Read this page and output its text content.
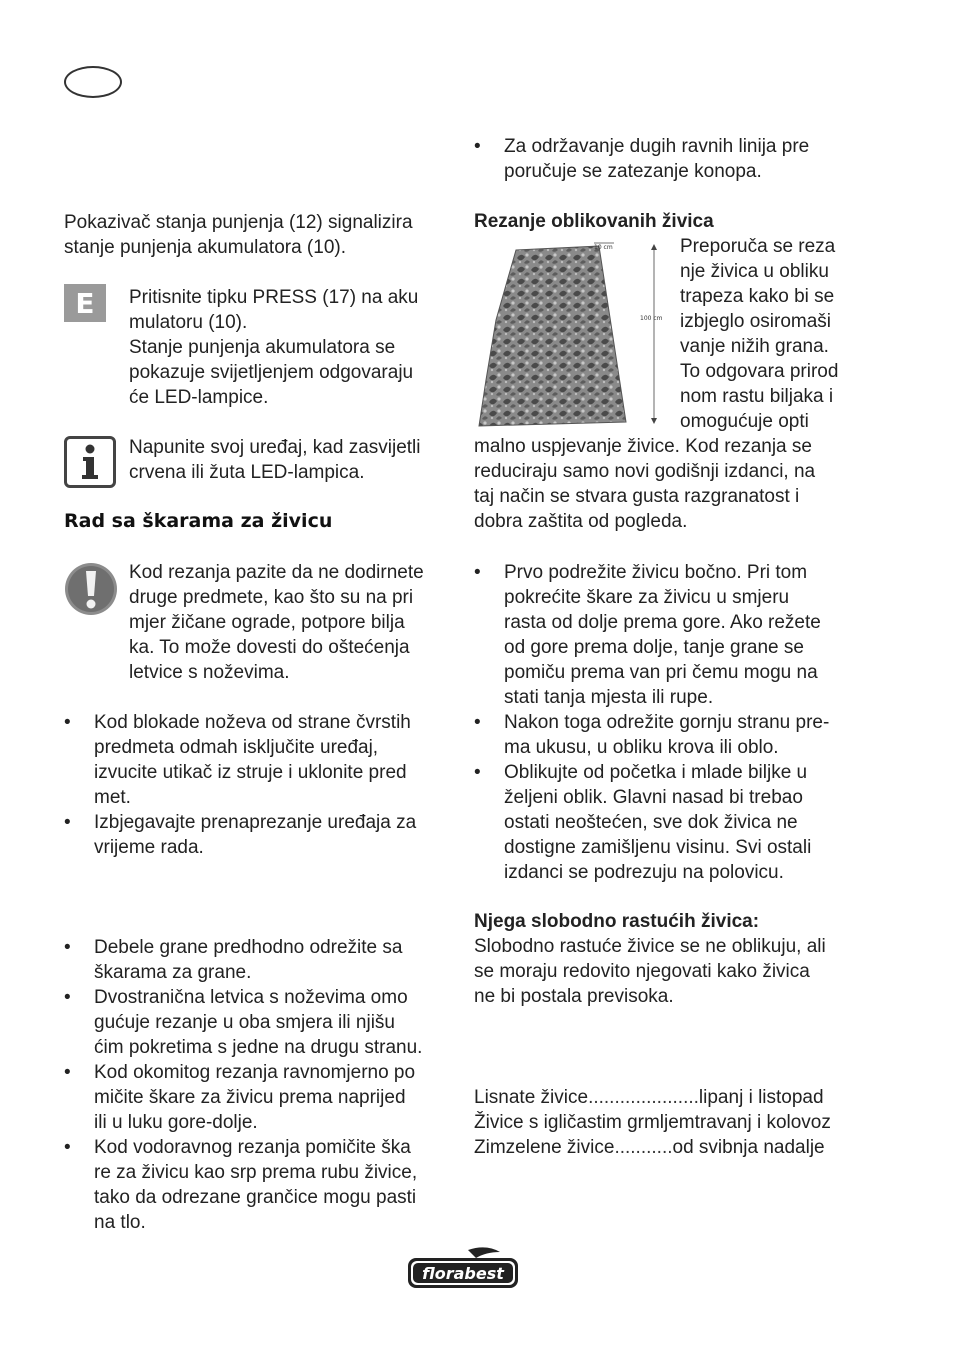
Pokazivač stanja punjenja (12) signalizira stanje punjenja akumulatora (10).

E Pritisnite tipku PRESS (17) na aku

mulatoru (10).

Stanje punjenja akumulatora se

pokazuje svijetljenjem odgovaraju

će LED-lampice.

Napunite svoj uređaj, kad zasvijetli

crvena ili žuta LED-lampica.

Rad sa škarama za živicu

Kod rezanja pazite da ne dodirnete

druge predmete, kao što su na pri

mjer žičane ograde, potpore bilja

ka. To može dovesti do oštećenja

letvice s noževima.

• Kod blokade noževa od strane čvrstih
predmeta odmah isključite uređaj,
izvucite utikač iz struje i uklonite pred
met.
• Izbjegavajte prenaprezanje uređaja za
vrijeme rada.
• Debele grane predhodno odrežite sa
škarama za grane.
• Dvostranična letvica s noževima omo
gućuje rezanje u oba smjera ili njišu
ćim pokretima s jedne na drugu stranu.
• Kod okomitog rezanja ravnomjerno po
mičite škare za živicu prema naprijed
ili u luku gore-dolje.
• Kod vodoravnog rezanja pomičite ška
re za živicu kao srp prema rubu živice,
tako da odrezane grančice mogu pasti
na tlo.
• Za održavanje dugih ravnih linija pre
poručuje se zatezanje konopa.
Rezanje oblikovanih živica
10 cm
100 cm

Preporuča se reza

nje živica u obliku

trapeza kako bi se

izbjeglo osiromaši

vanje nižih grana.

To odgovara prirod

nom rastu biljaka i

omogućuje opti

malno uspjevanje živice. Kod rezanja se

reduciraju samo novi godišnji izdanci, na

taj način se stvara gusta razgranatost i

dobra zaštita od pogleda.

• Prvo podrežite živicu bočno. Pri tom
pokrećite škare za živicu u smjeru
rasta od dolje prema gore. Ako režete
od gore prema dolje, tanje grane se
pomiču prema van pri čemu mogu na
stati tanja mjesta ili rupe.
• Nakon toga odrežite gornju stranu pre-
ma ukusu, u obliku krova ili oblo.
• Oblikujte od početka i mlade biljke u
željeni oblik. Glavni nasad bi trebao
ostati neoštećen, sve dok živica ne
dostigne zamišljenu visinu. Svi ostali
izdanci se podrezuju na polovicu.

Njega slobodno rastućih živica:

Slobodno rastuće živice se ne oblikuju, ali

se moraju redovito njegovati kako živica

ne bi postala previsoka.

Lisnate živice ..................... lipanj i listopad
Živice s igličastim grmljem travanj i kolovoz
Zimzelene živice ........... od svibnja nadalje
florabest
